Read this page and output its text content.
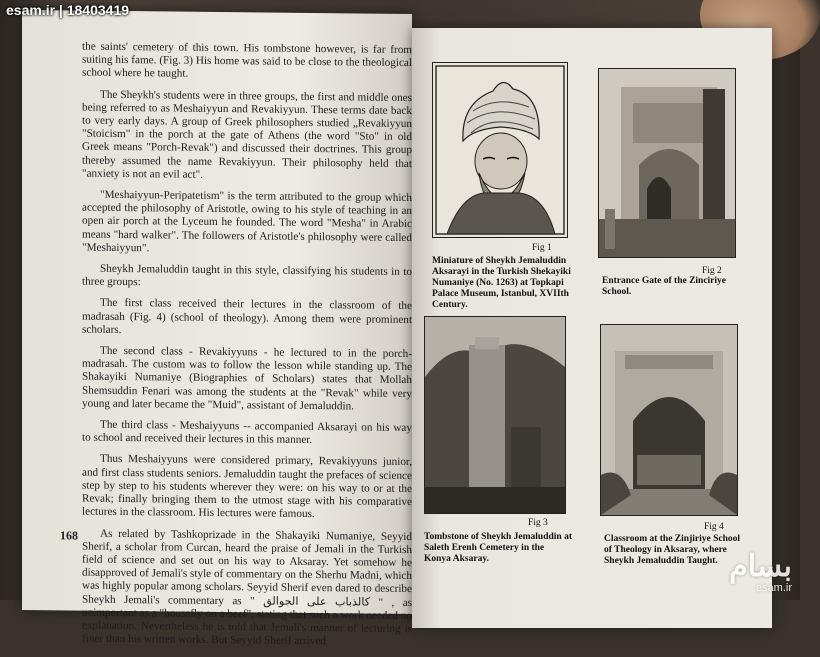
esam.ir | 18403419

the saints' cemetery of this town. His tombstone however, is far from suiting his fame. (Fig. 3) His home was said to be close to the theological school where he taught.

The Sheykh's students were in three groups, the first and middle ones being referred to as Meshaiyyun and Revakiyyun. These terms date back to very early days. A group of Greek philosophers studied „Revakiyyun "Stoicism" in the porch at the gate of Athens (the word "Sto" in old Greek means "Porch-Revak") and discussed their doctrines. This group thereby assumed the name Revakiyyun. Their philosophy held that "anxiety is not an evil act".

"Meshaiyyun-Peripatetism" is the term attributed to the group which accepted the philosophy of Aristotle, owing to his style of teaching in an open air porch at the Lyceum he founded. The word "Mesha" in Arabic means "hard walker". The followers of Aristotle's philosophy were called "Meshaiyyun".

Sheykh Jemaluddin taught in this style, classifying his students in to three groups:

The first class received their lectures in the classroom of the madrasah (Fig. 4) (school of theology). Among them were prominent scholars.

The second class - Revakiyyuns - he lectured to in the porch-madrasah. The custom was to follow the lesson while standing up. The Shakayiki Numaniye (Biographies of Scholars) states that Mollah Shemsuddin Fenari was among the students at the "Revak" while very young and later became the "Muid", assistant of Jemaluddin.

The third class - Meshaiyyuns -- accompanied Aksarayi on his way to school and received their lectures in this manner.

Thus Meshaiyyuns were considered primary, Revakiyyuns junior, and first class students seniors. Jemaluddin taught the prefaces of science step by step to his students wherever they were: on his way to or at the Revak; finally bringing them to the utmost stage with his comparative lectures in the classroom. His lectures were famous.

As related by Tashkoprizade in the Shakayiki Numaniye, Seyyid Sherif, a scholar from Curcan, heard the praise of Jemali in the Turkish field of science and set out on his way to Aksaray. Yet somehow he disapproved of Jemali's style of commentary on the Sherhu Madni, which was highly popular among scholars. Seyyid Sherif even dared to describe Sheykh Jemali's commentary as " كالذباب على الجوالق " , as unimportant as a "housefly on a beef", stating that such a work needed no explanation. Nevertheless he is told that Jemali's manner of lecturing is finer than his written works. But Seyyid Sherif arrived

168
Fig 1
Miniature of Sheykh Jemaluddin Aksarayi in the Turkish Shekayiki Numaniye (No. 1263) at Topkapi Palace Museum, Istanbul, XVIIth Century.
Fig 2
Entrance Gate of the Zinciriye School.
Fig 3
Tombstone of Sheykh Jemaluddin at Saleth Erenh Cemetery in the Konya Aksaray.
Fig 4
Classroom at the Zinjiriye School of Theology in Aksaray, where Sheykh Jemaluddin Taught. بسام
esam.ir
